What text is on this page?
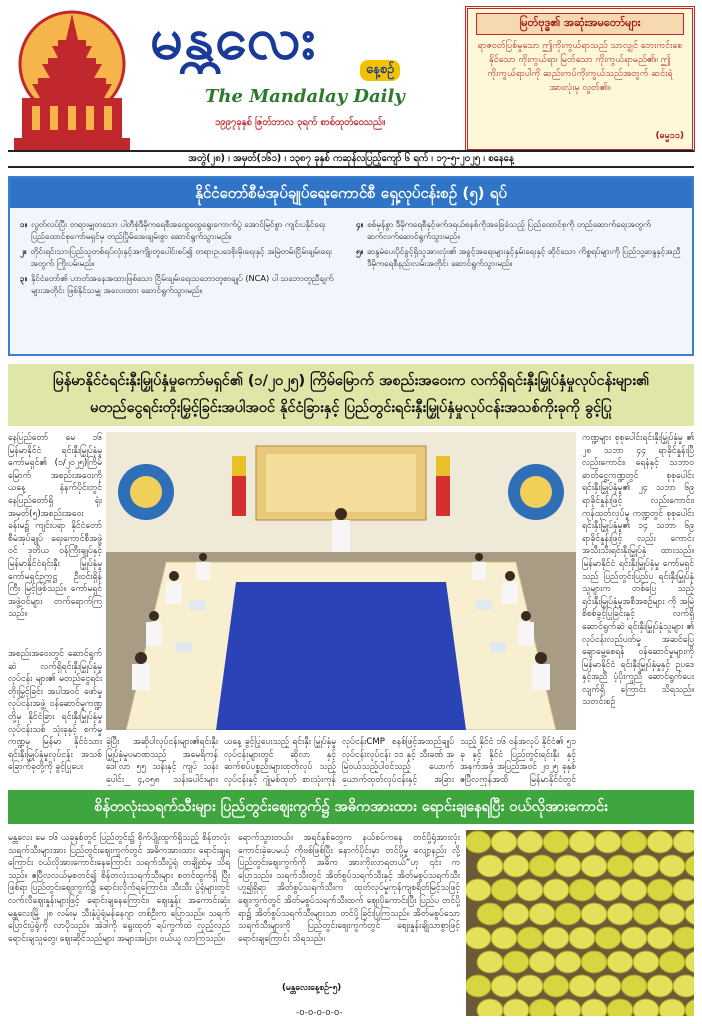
မန္တလေး	နေ့စဉ်
The Mandalay Daily
၁၉၉၇ခုနှစ် ဇြတ်ဘာလ ၃ရက် စာစ်ထုတ်ဝေသည်။
မြတ်ဗုဒ္ဓ၏ အဆုံးအမတော်များ
ရာဇဝတ်ပြစ်မှုသော ဤကိုးကွယ်ရာသည် သာလျှင် ဘေးကင်းစေနိုင်သော ကိုးကွယ်ရာ၊ မြတ်သော ကိုးကွယ်ရာမည်၏။ ဤကိုးကွယ်ရာပါကို ဆည်းကပ်ကိုးကွယ်သည်အတွက် ဆင်းရဲအားလုံးမှ လွတ်၏။
(ဓမ္မ၁၁)
အတွဲ(၂၈) ၊ အမှတ်(၁၆၁) ၊ ၁၃၈၇ ခုနှစ် ကဆုန်လပြည့်ကျော် ၆ ရက် ၊ ၁၇-၅-၂၀၂၅ ၊ စနေနေ့
နိုင်ငံတော်စီမံအုပ်ချုပ်ရေးကောင်စီ ရှေ့လုပ်ငန်းစဉ် (၅) ရပ်
၁။ လွတ်လပ်ပြီး တရားမျှတသော ပါတီစုံဒီမိုကရေစီအထွေထွေရွေးကောက်ပွဲ အောင်မြင်စွာ ကျင်းပနိုင်ရေး ပြည်ထောင်စုကော်မရှင်မှ တည်ပြိုမ်အေးချမ်းစွာ ဆောင်ရွက်သွားမည်။
၂။ တိုင်းရင်းသားပြည်သူတစ်ရပ်လုံးနှင့်အကျိုးတူပေါင်းစပ်၍ တရားဥပဒေစိုးမိုးရေးနှင့် အမြဲတမ်းငြိမ်းချမ်းရေးအတွက် ကြိုးပမ်းမည်။
၃။ နိုင်ငံတော်၏ ဟာတ်အနေအထားဖြစ်သော ငြိမ်းချမ်းရေးသဘောတူစာချုပ် (NCA) ပါ သဘောတူညီချက်များအတိုင်း ဖြစ်နိုင်သမျှ အလေးထား ဆောင်ရွက်သွားမည်။
၄။ စစ်မှန်စွာ ဒီမိုကရေစီနှင့်ဖက်ဒရယ်စနစ်ကိုအခြေခံသည့် ပြည်ထောင်စုကို တည်ဆောက်ရေးအတွက် ဆက်လက်ဆောင်ရွက်သွားမည်။
၅။ ဆန္ဒမဲပေးပိုင်ခွင့်ရှိသူအားလုံး၏ အခွင့်အရေးများနှင့်နှမ်းရေးနှင့် ဆိုင်သော ကိစ္စရပ်များကို ပြည်သူ့ဆန္ဒနှင့်အညီ ဒီမိုကရေစီနည်းလမ်းအတိုင်း ဆောင်ရွက်သွားမည်။
မြန်မာနိုင်ငံရင်းနှီးမြှုပ်နှံမှုကော်မရှင်၏ (၁/၂၀၂၅) ကြိမ်မြောက် အစည်းအဝေးက လက်ရှိရင်းနှီးမြှုပ်နှံမှုလုပ်ငန်းများ၏
မတည်ငွေရင်းတိုးမြှင့်ခြင်းအပါအဝင် နိုင်ငံခြားနှင့် ပြည်တွင်းရင်းနှီးမြှုပ်နှံမှုလုပ်ငန်းအသစ်ကိုးခုကို ခွင့်ပြု
နေပြည်တော် မေ ၁၆ မြန်မာနိုင်ငံ ရင်းနှီးမြှုပ်နှံမှု ကော်မရှင်၏ (၁/၂၀၂၅)ကြိမ် မြောက် အစည်းအဝေးကို ယနေ့ နံနက်ပိုင်းတွင် နေပြည်တော်ရှိ ရုံးအမှတ်(၅)အစည်းအဝေးခန်းမ၌ ကျင်းပရာ နိုင်ငံတော်စီမံအုပ်ချုပ် ရေးကောင်စီအဖွဲ့ဝင် ဒုတိယ ဝန်ကြီးချုပ်နှင့် မြန်မာနိုင်ငံရင်းနှီး မြှုပ်နှံမှုကော်မရှင်ဥက္ကဋ္ဌ ဦးဝင်းရှိန် ကြီး မြင့်ဖြစ်သည်။ ကော်မရှင် အဖွဲ့ဝင်များ တက်ရောက်ကြ သည်။
အစည်းအဝေးတွင် ဆောင်ရွက် ဆဲ လက်ရှိရင်းနှီးမြှုပ်နှံမှုလုပ်ငန်း များ၏ မတည်ငွေရင်းတိုးမြှင့်ခြင်း အပါအဝင် ဖော်မှုလုပ်ငန်းအဖွဲ့ ဝန်ဆောင်မှုကဏ္ဍတို့မှ နိုင်ငံခြား ရင်းနှီးမြှုပ်နှံမှု လုပ်ငန်းသစ် သုံးခုနှင့် စက်မှုကဏ္ဍမှ မြန်မာ နိုင်ငံသား ရင်းနှီးမြှုပ်နှံမှုလုပ်ငန်း အသစ်ခြောက်ခုတို့ကို ခွင့်ပြုပေး
ခဲ့ပြီး အဆိုပါလုပ်ငန်းများ၏ရင်းနှီး မြှုပ်နှံမှုပမာဏသည် အမေရိကန် ဒေါ်လာ ၅၅ သန်းနှင့် ကျပ် သန်း ပေါင်း ၄,၀၅၈ သန်းပေါင်းများ
ယနေ့ ခွင့်ပြုပေးသည့် ရင်းနှီး မြှုပ်နှံမှုလုပ်ငန်းများတွင် ဆိုလာ နှင့် ဆက်စပ်ပစ္စည်းများထုတ်လုပ် သည့်လုပ်ငန်းနှင့် ဂျုံမစ်ထုတ် စားသုံးကုန်
လုပ်ငန်းCMP စနစ်ဖြင့်အထည်ချုပ် လုပ်ငန်းလုပ်ငန်း ၁၁ နှင့် သီးခဏ် အမြဲဝယ်သည့်ပါဝင်သည့် ယောက်ယောက်ထုတ်လုပ်ငန်းနှင့် အခြား
သည့် နိုင်ငံ ၁၆ ဝန်အလုပ် နိုင်ငံ၏ ၅၁ ခု နှင့် နိုင်ငံ ပြည်တွင်းရင်းနှီး နှင့် အနက်အဖုံ့ အပြည်အဝင် ၂၀၂၅ ခုနှစ် ဧပြီလကုန်အထိ မြန်မာနိုင်ငံတွင်
ကဏ္ဍများ စုစုပေါင်းရင်းနှီးမြှုပ်နှံမှု ၏ ၂၈ သဘာ ၄၄ ရာခိုင်နှုန်းပြီ လည်းကောင်း၊ ရေနံနှင့် သဘာဝ ဓာတ်ငွေ့ကဏ္ဍတွင် စုစုပေါင်း ရင်းနှီးမြှုပ်နှံမှု၏ ၂၄ သဘာ ၆၉ ရာခိုင်နှုန်းဖြင့် လည်းကောင်း၊ ကုန်ထုတ်လုပ်မှု ကဏ္ဍတွင် စုစုပေါင်းရင်းနှီးမြှုပ်နှံမှု၏ ၁၄ သဘာ ၆၉ ရာခိုင်နှုန်းဖြင့် လည်း ကောင်း အသီးသီးရင်းနှီးမြှုပ်နှံ ထားသည်။ မြန်မာနိုင်ငံ ရင်းနှီးမြှုပ်နှံမှု ကော်မရှင်သည် ပြည်တွင်းပြည်ပ ရင်းနှီးမြှုပ်နှံသူများက တစ်ပြေ သည့် ရင်းနှီးမြှုပ်နှံမှုအစီအစဉ်များ ကို အမြဲစိစစ်ခွင့်ပြုခြင်းနှင့် လက်ရှိ ဆောင်ရွက်ဆဲ ရင်းနှီးမြှုပ်နှံသူများ ၏ လုပ်ငန်းလည်ပတ်မှု အဆင်ပြေ ချောမွေ့စေရန် ဝန်ဆောင်မှုများကို မြန်မာနိုင်ငံ ရင်းနှီးမြှုပ်နှံမှုနှင့် ဥပဒေနှင့်အညီ ပံ့ပိုးကူညီ ဆောင်ရွက်ပေးလျက်ရှိ ကြောင်း သိရသည်။ သတင်းစဉ်
စိန်တလုံးသရက်သီးများ ပြည်တွင်းဈေးကွက်၌ အဓိကအားထား ရောင်းချနေရပြီး ဝယ်လိုအားကောင်း
မန္တလေး မေ ၁၆ ယခုနှစ်တွင် ပြည်တွင်း၌ စိုက်ပျိုးထွက်ရှိသည့် စိန်တလုံး သရက်သီးများအား ပြည်တွင်းဈေးကွက်တွင် အဓိကအားထား ရောင်းချရကြောင်း ဝယ်လိုအားကောင်းနေကြောင်း သရက်သီးပွဲရုံ တချို့ထံမှ သိရသည်။ ဧပြီလလယ်မှစတင်၍ စိန်တလုံးသရက်သီးများ စတင်ထွက်ရှိ ပြီးဖြစ်ရာ ပြည်တွင်းဈေးကွက်၌ ရောင်းလိုက်ရကြောင်း၊ သီးသီး ပွဲရုံများတွင် လက်လီဈေးနှုန်းများဖြင့် ရောင်းချနေကြောင်း၊ ဈေးနှုန်း အကောင်းဆုံး မန္တလေးမြို့ ၂၈ လမ်းမှ သီးနှံပွဲရုံမန်နေဂျာ တစ်ဦးက ပြောသည်။ သရက်ပြောင်းပွဲရုံကို လာပိုသည်။ အဲဒါကို ရွေးထုတ် ရပ်ကွက်ထဲ လှည့်လည်ရောင်းချသူတွေ၊ ဈေးဆိုင်သည်များ အများအပြား ဝယ်ယူ လာကြသည်။
ရောက်သွားတယ်။ အရင်နှစ်တွေက နယ်စပ်ကနေ တင်ပို့ရုံအားလုံး ကောင်းခဲ့ပေမယ့် ကိုဗစ်ဖြစ်ပြီး နောက်ပိုင်းမှာ တင်ပို့မှု လျော့နည်း လို့ ပြည်တွင်းဈေးကွက်ကို အဓိက အားကိုးလာရတယ်”ဟု ၎င်း က ပြောသည်။ သရက်သီးတွင် အိတ်စွပ်သရက်သီးနှင့် အိတ်မစွပ်သရက်သီး ဟူ၍ရှိရာ အိတ်စွပ်သရက်သီးက ထုတ်လုပ်မှုကုန်ကျစရိတ်မြင့်သဖြင့် ဈေးကွက်တွင် အိတ်မစွပ်သရက်သီးထက် ဈေးပိုကောင်းပြီး ပြည်ပ တင်ပို့ရာ၌ အိတ်စွပ်သရက်သီးများသာ တင်ပို့ခြင်းပြုကြသည်။ အိတ်မစွပ်သော သရက်သီးများကို ပြည်တွင်းဈေးကွက်တွင် စျေးနှုန်းချိုသာစွာဖြင့် ရောင်းချကြောင်း သိရသည်။
(မန္တလေးနေ့စဉ်-၅)
-o-o-o-o-o-
